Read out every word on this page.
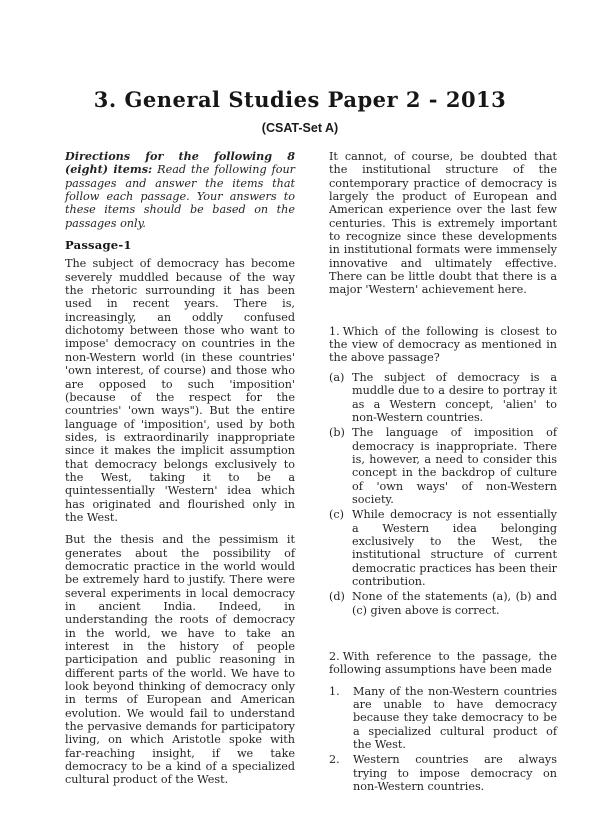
3. General Studies Paper 2 - 2013
(CSAT-Set A)

Directions for the following 8 (eight) items: Read the following four passages and answer the items that follow each passage. Your answers to these items should be based on the passages only.

Passage-1

The subject of democracy has become severely muddled because of the way the rhetoric surrounding it has been used in recent years. There is, increasingly, an oddly confused dichotomy between those who want to impose' democracy on countries in the non-Western world (in these countries' 'own interest, of course) and those who are opposed to such 'imposition' (because of the respect for the countries' 'own ways"). But the entire language of 'imposition', used by both sides, is extraordinarily inappropriate since it makes the implicit assumption that democracy belongs exclusively to the West, taking it to be a quintessentially 'Western' idea which has originated and flourished only in the West.

But the thesis and the pessimism it generates about the possibility of democratic practice in the world would be extremely hard to justify. There were several experiments in local democracy in ancient India. Indeed, in understanding the roots of democracy in the world, we have to take an interest in the history of people participation and public reasoning in different parts of the world. We have to look beyond thinking of democracy only in terms of European and American evolution. We would fail to understand the pervasive demands for participatory living, on which Aristotle spoke with far-reaching insight, if we take democracy to be a kind of a specialized cultural product of the West.

It cannot, of course, be doubted that the institutional structure of the contemporary practice of democracy is largely the product of European and American experience over the last few centuries. This is extremely important to recognize since these developments in institutional formats were immensely innovative and ultimately effective. There can be little doubt that there is a major 'Western' achievement here.

1. Which of the following is closest to the view of democracy as mentioned in the above passage?

(a) The subject of democracy is a muddle due to a desire to portray it as a Western concept, 'alien' to non-Western countries.
(b) The language of imposition of democracy is inappropriate. There is, however, a need to consider this concept in the backdrop of culture of 'own ways' of non-Western society.
(c) While democracy is not essentially a Western idea belonging exclusively to the West, the institutional structure of current democratic practices has been their contribution.
(d) None of the statements (a), (b) and (c) given above is correct.

2. With reference to the passage, the following assumptions have been made

1.	Many of the non-Western countries are unable to have democracy because they take democracy to be a specialized cultural product of the West.
2.	Western countries are always trying to impose democracy on non-Western countries.
